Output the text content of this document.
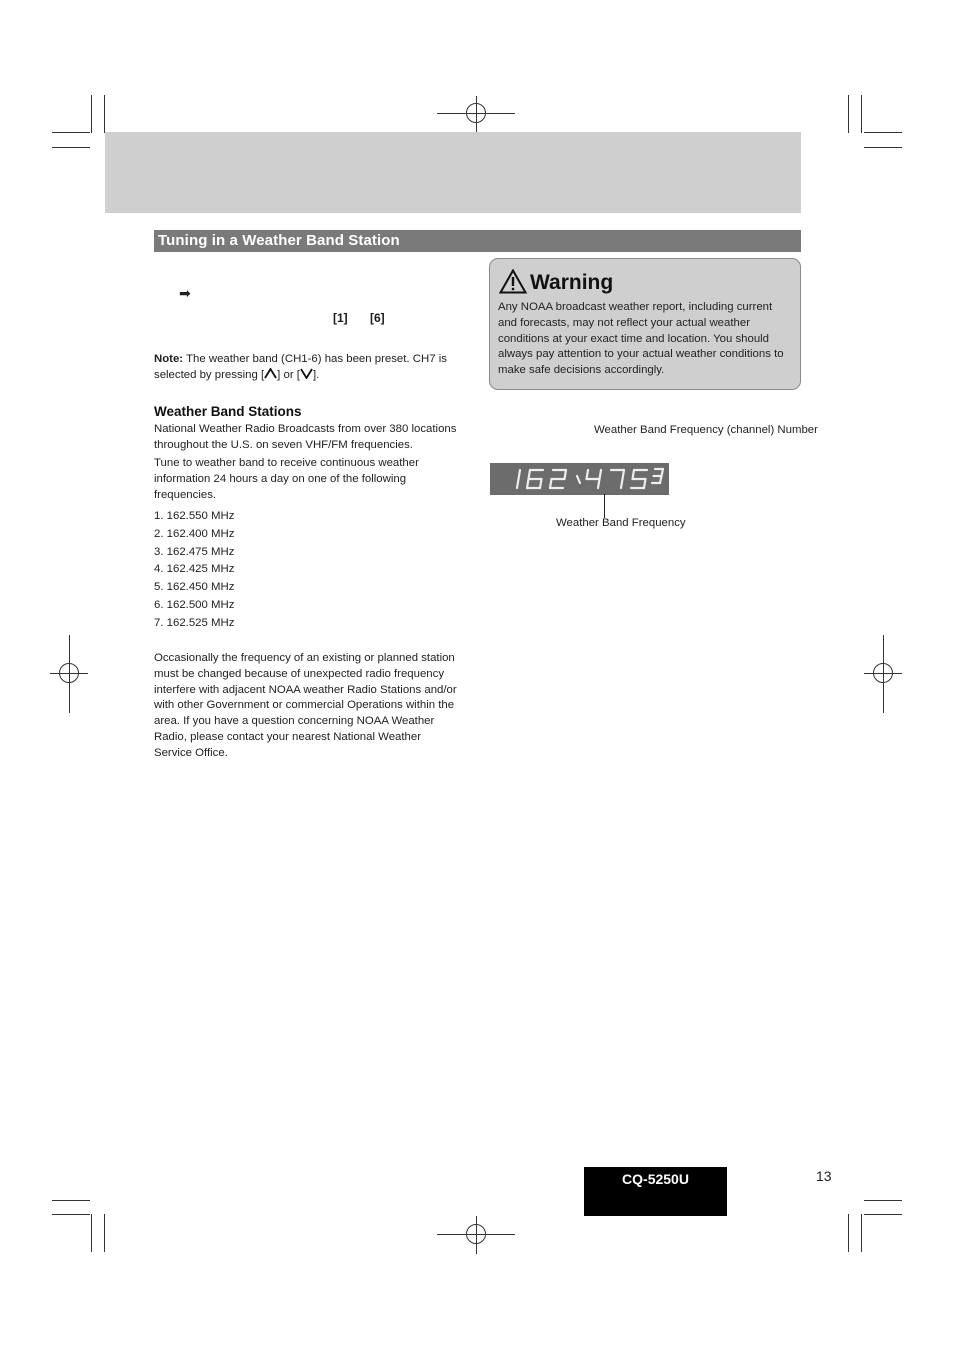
Tuning in a Weather Band Station
➡
[1] [6]
Note: The weather band (CH1-6) has been preset. CH7 is selected by pressing [ ] or [ ].
Weather Band Stations
National Weather Radio Broadcasts from over 380 locations throughout the U.S. on seven VHF/FM frequencies.
Tune to weather band to receive continuous weather information 24 hours a day on one of the following frequencies.
1. 162.550 MHz
2. 162.400 MHz
3. 162.475 MHz
4. 162.425 MHz
5. 162.450 MHz
6. 162.500 MHz
7. 162.525 MHz
Occasionally the frequency of an existing or planned station must be changed because of unexpected radio frequency interfere with adjacent NOAA weather Radio Stations and/or with other Government or commercial Operations within the area. If you have a question concerning NOAA Weather Radio, please contact your nearest National Weather Service Office.
Warning
Any NOAA broadcast weather report, including current and forecasts, may not reflect your actual weather conditions at your exact time and location. You should always pay attention to your actual weather conditions to make safe decisions accordingly.
Weather Band Frequency (channel) Number
Weather Band Frequency
CQ-5250U	13
